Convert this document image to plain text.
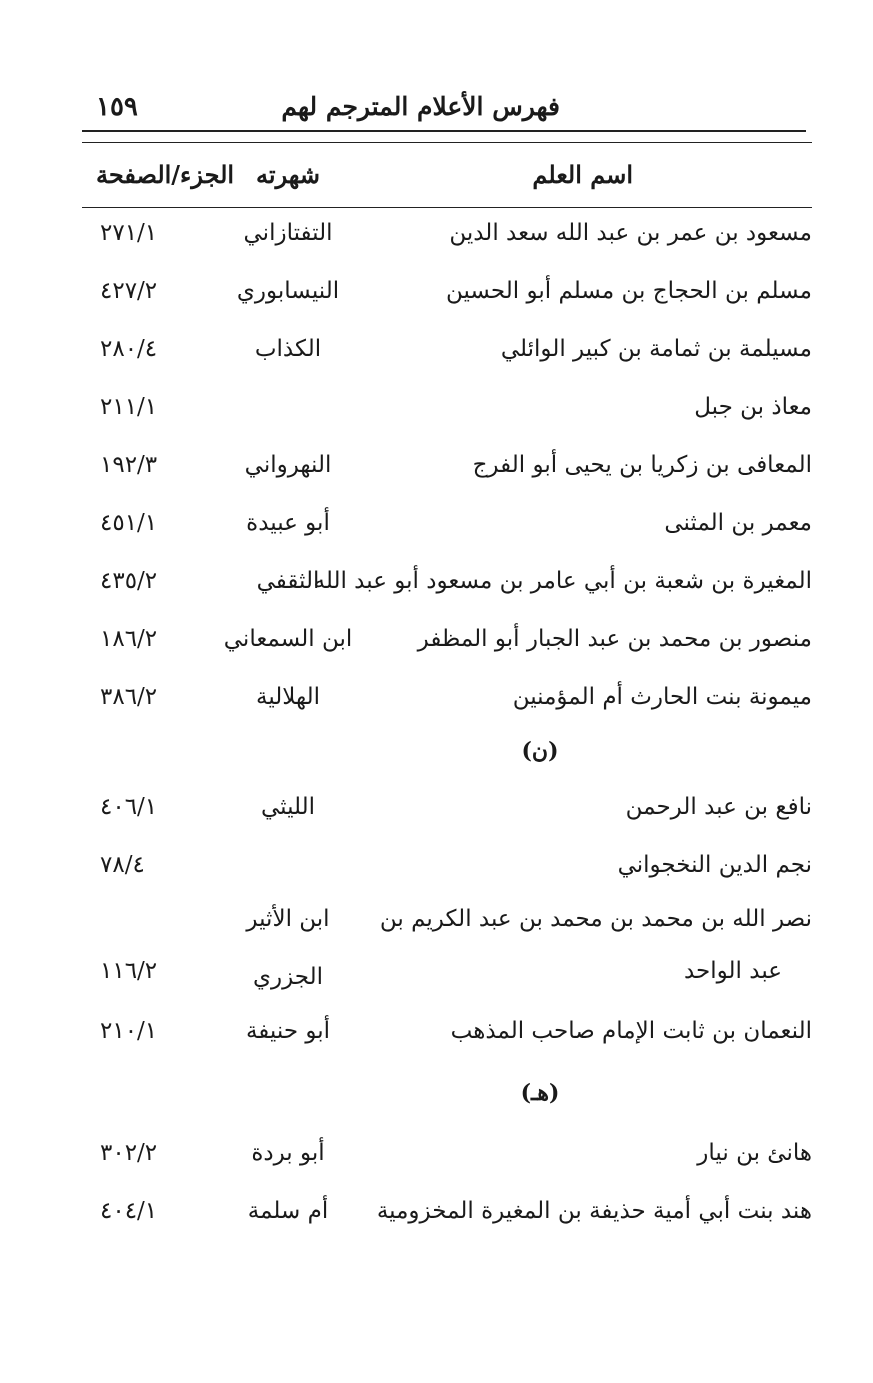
فهرس الأعلام المترجم لهم
١٥٩
اسم العلم
شهرته
الجزء/الصفحة
مسعود بن عمر بن عبد الله سعد الدين
التفتازاني
٢٧١/١
مسلم بن الحجاج بن مسلم أبو الحسين
النيسابوري
٤٢٧/٢
مسيلمة بن ثمامة بن كبير الوائلي
الكذاب
٢٨٠/٤
معاذ بن جبل
٢١١/١
المعافى بن زكريا بن يحيى أبو الفرج
النهرواني
١٩٢/٣
معمر بن المثنى
أبو عبيدة
٤٥١/١
المغيرة بن شعبة بن أبي عامر بن مسعود أبو عبد الله
الثقفي
٤٣٥/٢
منصور بن محمد بن عبد الجبار أبو المظفر
ابن السمعاني
١٨٦/٢
ميمونة بنت الحارث أم المؤمنين
الهلالية
٣٨٦/٢
(ن)
نافع بن عبد الرحمن
الليثي
٤٠٦/١
نجم الدين النخجواني
٧٨/٤
نصر الله بن محمد بن محمد بن عبد الكريم بن
عبد الواحد
ابن الأثير
الجزري
١١٦/٢
النعمان بن ثابت الإمام صاحب المذهب
أبو حنيفة
٢١٠/١
(هـ)
هانئ بن نيار
أبو بردة
٣٠٢/٢
هند بنت أبي أمية حذيفة بن المغيرة المخزومية
أم سلمة
٤٠٤/١
